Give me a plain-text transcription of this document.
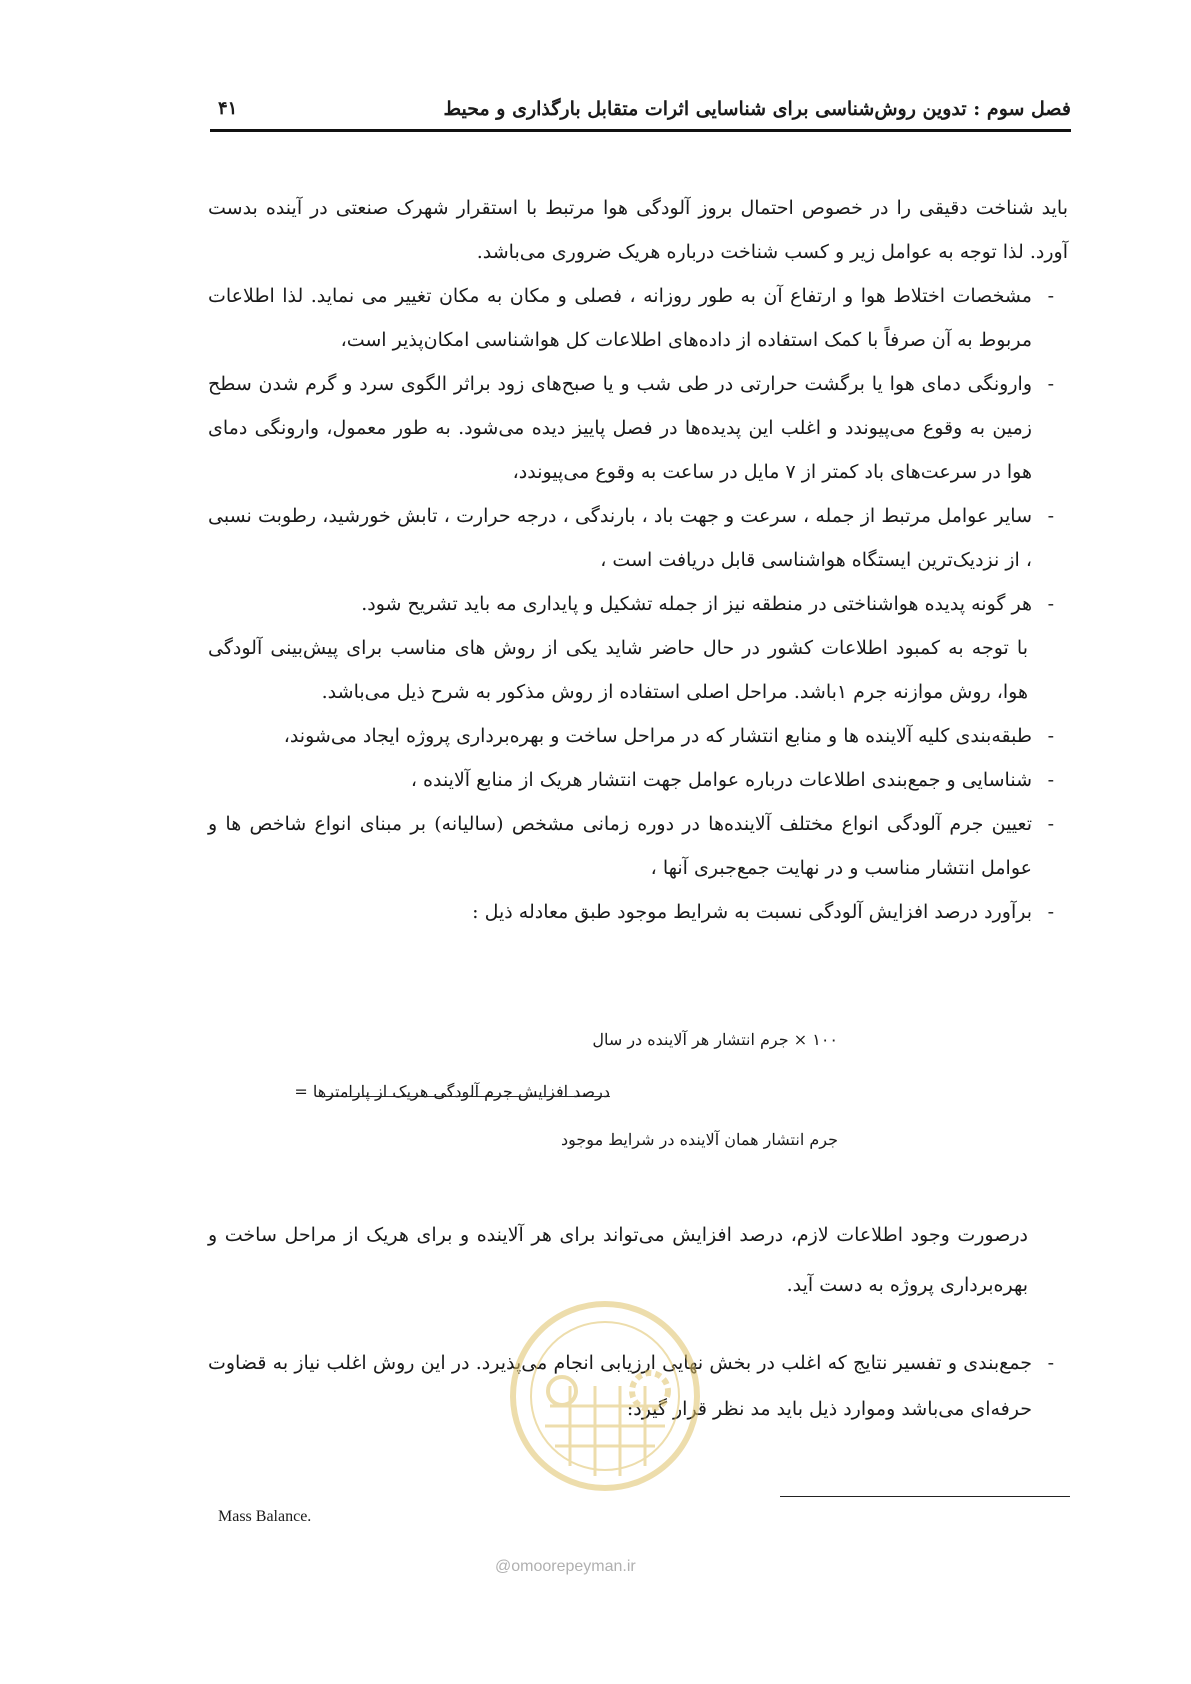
فصل سوم : تدوین روش‌شناسی برای شناسایی اثرات متقابل بارگذاری و محیط
۴۱

باید شناخت دقیقی را در خصوص احتمال بروز آلودگی هوا مرتبط با استقرار شهرک صنعتی در آینده بدست آورد. لذا توجه به عوامل زیر و کسب شناخت درباره هریک ضروری می‌باشد.

- مشخصات اختلاط هوا و ارتفاع آن به طور روزانه ، فصلی و مکان به مکان تغییر می نماید. لذا اطلاعات مربوط به آن صرفاً با کمک استفاده از داده‌های اطلاعات کل هواشناسی امکان‌پذیر است،
- وارونگی دمای هوا یا برگشت حرارتی در طی شب و یا صبح‌های زود براثر الگوی سرد و گرم شدن سطح زمین به وقوع می‌پیوندد و اغلب این پدیده‌ها در فصل پاییز دیده می‌شود. به طور معمول، وارونگی دمای هوا در سرعت‌های باد کمتر از ۷ مایل در ساعت به وقوع می‌پیوندد،
- سایر عوامل مرتبط از جمله ، سرعت و جهت باد ، بارندگی ، درجه حرارت ، تابش خورشید، رطوبت نسبی ، از نزدیک‌ترین ایستگاه هواشناسی قابل دریافت است ،
- هر گونه پدیده هواشناختی در منطقه نیز از جمله تشکیل و پایداری مه باید تشریح شود.

با توجه به کمبود اطلاعات کشور در حال حاضر شاید یکی از روش های مناسب برای پیش‌بینی آلودگی هوا، روش موازنه جرم ۱باشد. مراحل اصلی استفاده از روش مذکور به شرح ذیل می‌باشد.

- طبقه‌بندی کلیه آلاینده ها و منابع انتشار که در مراحل ساخت و بهره‌برداری پروژه ایجاد می‌شوند،
- شناسایی و جمع‌بندی اطلاعات درباره عوامل جهت انتشار هریک از منابع آلاینده ،
- تعیین جرم آلودگی انواع مختلف آلاینده‌ها در دوره زمانی مشخص (سالیانه) بر مبنای انواع شاخص ها و عوامل انتشار مناسب و در نهایت جمع‌جبری آنها ،
- برآورد درصد افزایش آلودگی نسبت به شرایط موجود طبق معادله ذیل :
۱۰۰ × جرم انتشار هر آلاینده در سال
درصد افزایش جرم آلودگی هریک از پارامترها =
جرم انتشار همان آلاینده در شرایط موجود

درصورت وجود اطلاعات لازم، درصد افزایش می‌تواند برای هر آلاینده و برای هریک از مراحل ساخت و بهره‌برداری پروژه به دست آید.

- جمع‌بندی و تفسیر نتایج که اغلب در بخش نهایی ارزیابی انجام می‌پذیرد. در این روش اغلب نیاز به قضاوت حرفه‌ای می‌باشد وموارد ذیل باید مد نظر قرار گیرد:

@omoorepeyman.ir
Mass Balance.
